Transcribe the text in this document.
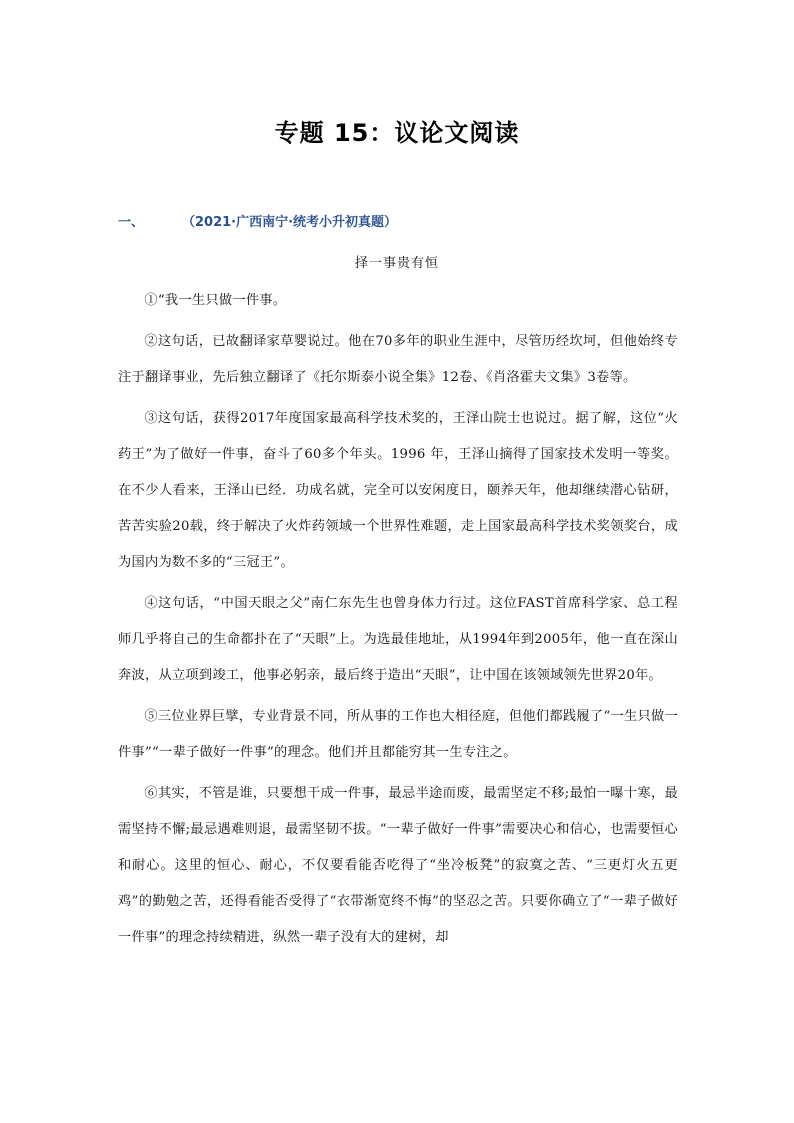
专题 15：议论文阅读
一、	（2021·广西南宁·统考小升初真题）
择一事贵有恒

①“我一生只做一件事。

②这句话，已故翻译家草婴说过。他在70多年的职业生涯中，尽管历经坎坷，但他始终专注于翻译事业，先后独立翻译了《托尔斯泰小说全集》12卷、《肖洛霍夫文集》3卷等。

③这句话，获得2017年度国家最高科学技术奖的，王泽山院士也说过。据了解，这位“火药王”为了做好一件事，奋斗了60多个年头。1996 年，王泽山摘得了国家技术发明一等奖。在不少人看来，王泽山已经．功成名就，完全可以安闲度日，颐养天年，他却继续潜心钻研，苦苦实验20载，终于解决了火炸药领域一个世界性难题，走上国家最高科学技术奖领奖台，成为国内为数不多的“三冠王”。

④这句话，“中国天眼之父”南仁东先生也曾身体力行过。这位FAST首席科学家、总工程师几乎将自己的生命都扑在了“天眼”上。为选最佳地址，从1994年到2005年，他一直在深山奔波，从立项到竣工，他事必躬亲，最后终于造出“天眼”，让中国在该领域领先世界20年。

⑤三位业界巨擘，专业背景不同，所从事的工作也大相径庭，但他们都践履了“一生只做一件事”“一辈子做好一件事”的理念。他们并且都能穷其一生专注之。

⑥其实，不管是谁，只要想干成一件事，最忌半途而废，最需坚定不移;最怕一曝十寒，最需坚持不懈;最忌遇难则退，最需坚韧不拔。“一辈子做好一件事”需要决心和信心，也需要恒心和耐心。这里的恒心、耐心，不仅要看能否吃得了“坐冷板凳”的寂寞之苦、“三更灯火五更鸡”的勤勉之苦，还得看能否受得了“衣带渐宽终不悔”的坚忍之苦。只要你确立了“一辈子做好一件事”的理念持续精进，纵然一辈子没有大的建树，却
